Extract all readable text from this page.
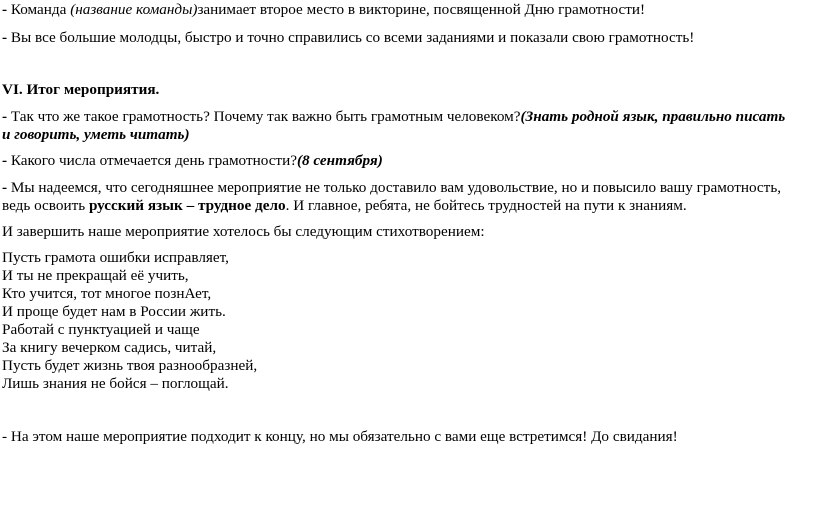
- Команда (название команды)занимает второе место в викторине, посвященной Дню грамотности!
- Вы все большие молодцы, быстро и точно справились со всеми заданиями и показали свою грамотность!
VI. Итог мероприятия.
- Так что же такое грамотность? Почему так важно быть грамотным человеком?(Знать родной язык, правильно писать
и говорить, уметь читать)
- Какого числа отмечается день грамотности?(8 сентября)
- Мы надеемся, что сегодняшнее мероприятие не только доставило вам удовольствие, но и повысило вашу грамотность,
ведь освоить русский язык – трудное дело. И главное, ребята, не бойтесь трудностей на пути к знаниям.
И завершить наше мероприятие хотелось бы следующим стихотворением:
Пусть грамота ошибки исправляет,
И ты не прекращай её учить,
Кто учится, тот многое познАет,
И проще будет нам в России жить.
Работай с пунктуацией и чаще
За книгу вечерком садись, читай,
Пусть будет жизнь твоя разнообразней,
Лишь знания не бойся – поглощай.
- На этом наше мероприятие подходит к концу, но мы обязательно с вами еще встретимся! До свидания!
